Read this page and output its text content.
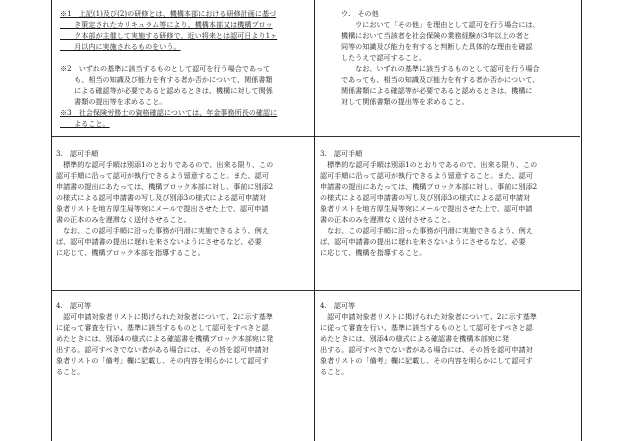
※1　上記(1)及び(2)の研修とは、機構本部における研修計画に基づ

　　き策定されたカリキュラム等により、機構本部又は機構ブロッ

　　ク本部が主催して実施する研修で、近い将来とは認可日より1ヶ

　　月以内に実施されるものをいう。

※2　いずれの基準に該当するものとして認可を行う場合であって

　　も、相当の知識及び能力を有する者か否かについて、関係書類

　　による確認等が必要であると認めるときは、機構に対して関係

　　書類の提出等を求めること。

※3　社会保険労務士の資格確認については、年金事務所長の確認に

　　よること。

3.　認可手順

　標準的な認可手順は別添1のとおりであるので、出来る限り、この

認可手順に沿って認可が執行できるよう留意すること。また、認可

申請書の提出にあたっては、機構ブロック本部に対し、事前に別添2

の様式による認可申請書の写し及び別添3の様式による認可申請対

象者リストを地方厚生局等宛にメールで提出させた上で、認可申請

書の正本のみを遅滞なく送付させること。

　なお、この認可手順に沿った事務が円滑に実施できるよう、例え

ば、認可申請書の提出に遅れを来さないようにさせるなど、必要

に応じて、機構ブロック本部を指導すること。

4.　認可等

　認可申請対象者リストに掲げられた対象者について、2に示す基準

に従って審査を行い、基準に該当するものとして認可をすべきと認

めたときには、別添4の様式による確認書を機構ブロック本部宛に発

出する。認可すべきでない者がある場合には、その旨を認可申請対

象者リストの「備考」欄に記載し、その内容を明らかにして認可す

ること。

ウ.　その他

　　ウにおいて「その他」を理由として認可を行う場合には、

機構において当該者を社会保険の業務経験が3年以上の者と

同等の知識及び能力を有すると判断した具体的な理由を確認

したうえで認可すること。

　　なお、いずれの基準に該当するものとして認可を行う場合

であっても、相当の知識及び能力を有する者か否かについて、

関係書類による確認等が必要であると認めるときは、機構に

対して関係書類の提出等を求めること。

3.　認可手順

　標準的な認可手順は別添1のとおりであるので、出来る限り、この

認可手順に沿って認可が執行できるよう留意すること。また、認可

申請書の提出にあたっては、機構ブロック本部に対し、事前に別添2

の様式による認可申請書の写し及び別添3の様式による認可申請対

象者リストを地方厚生局等宛にメールで提出させた上で、認可申請

書の正本のみを遅滞なく送付させること。

　なお、この認可手順に沿った事務が円滑に実施できるよう、例え

ば、認可申請書の提出に遅れを来さないようにさせるなど、必要

に応じて、機構を指導すること。

4.　認可等

　認可申請対象者リストに掲げられた対象者について、2に示す基準

に従って審査を行い、基準に該当するものとして認可をすべきと認

めたときには、別添4の様式による確認書を機構本部宛に発

出する。認可すべきでない者がある場合には、その旨を認可申請対

象者リストの「備考」欄に記載し、その内容を明らかにして認可す

ること。
